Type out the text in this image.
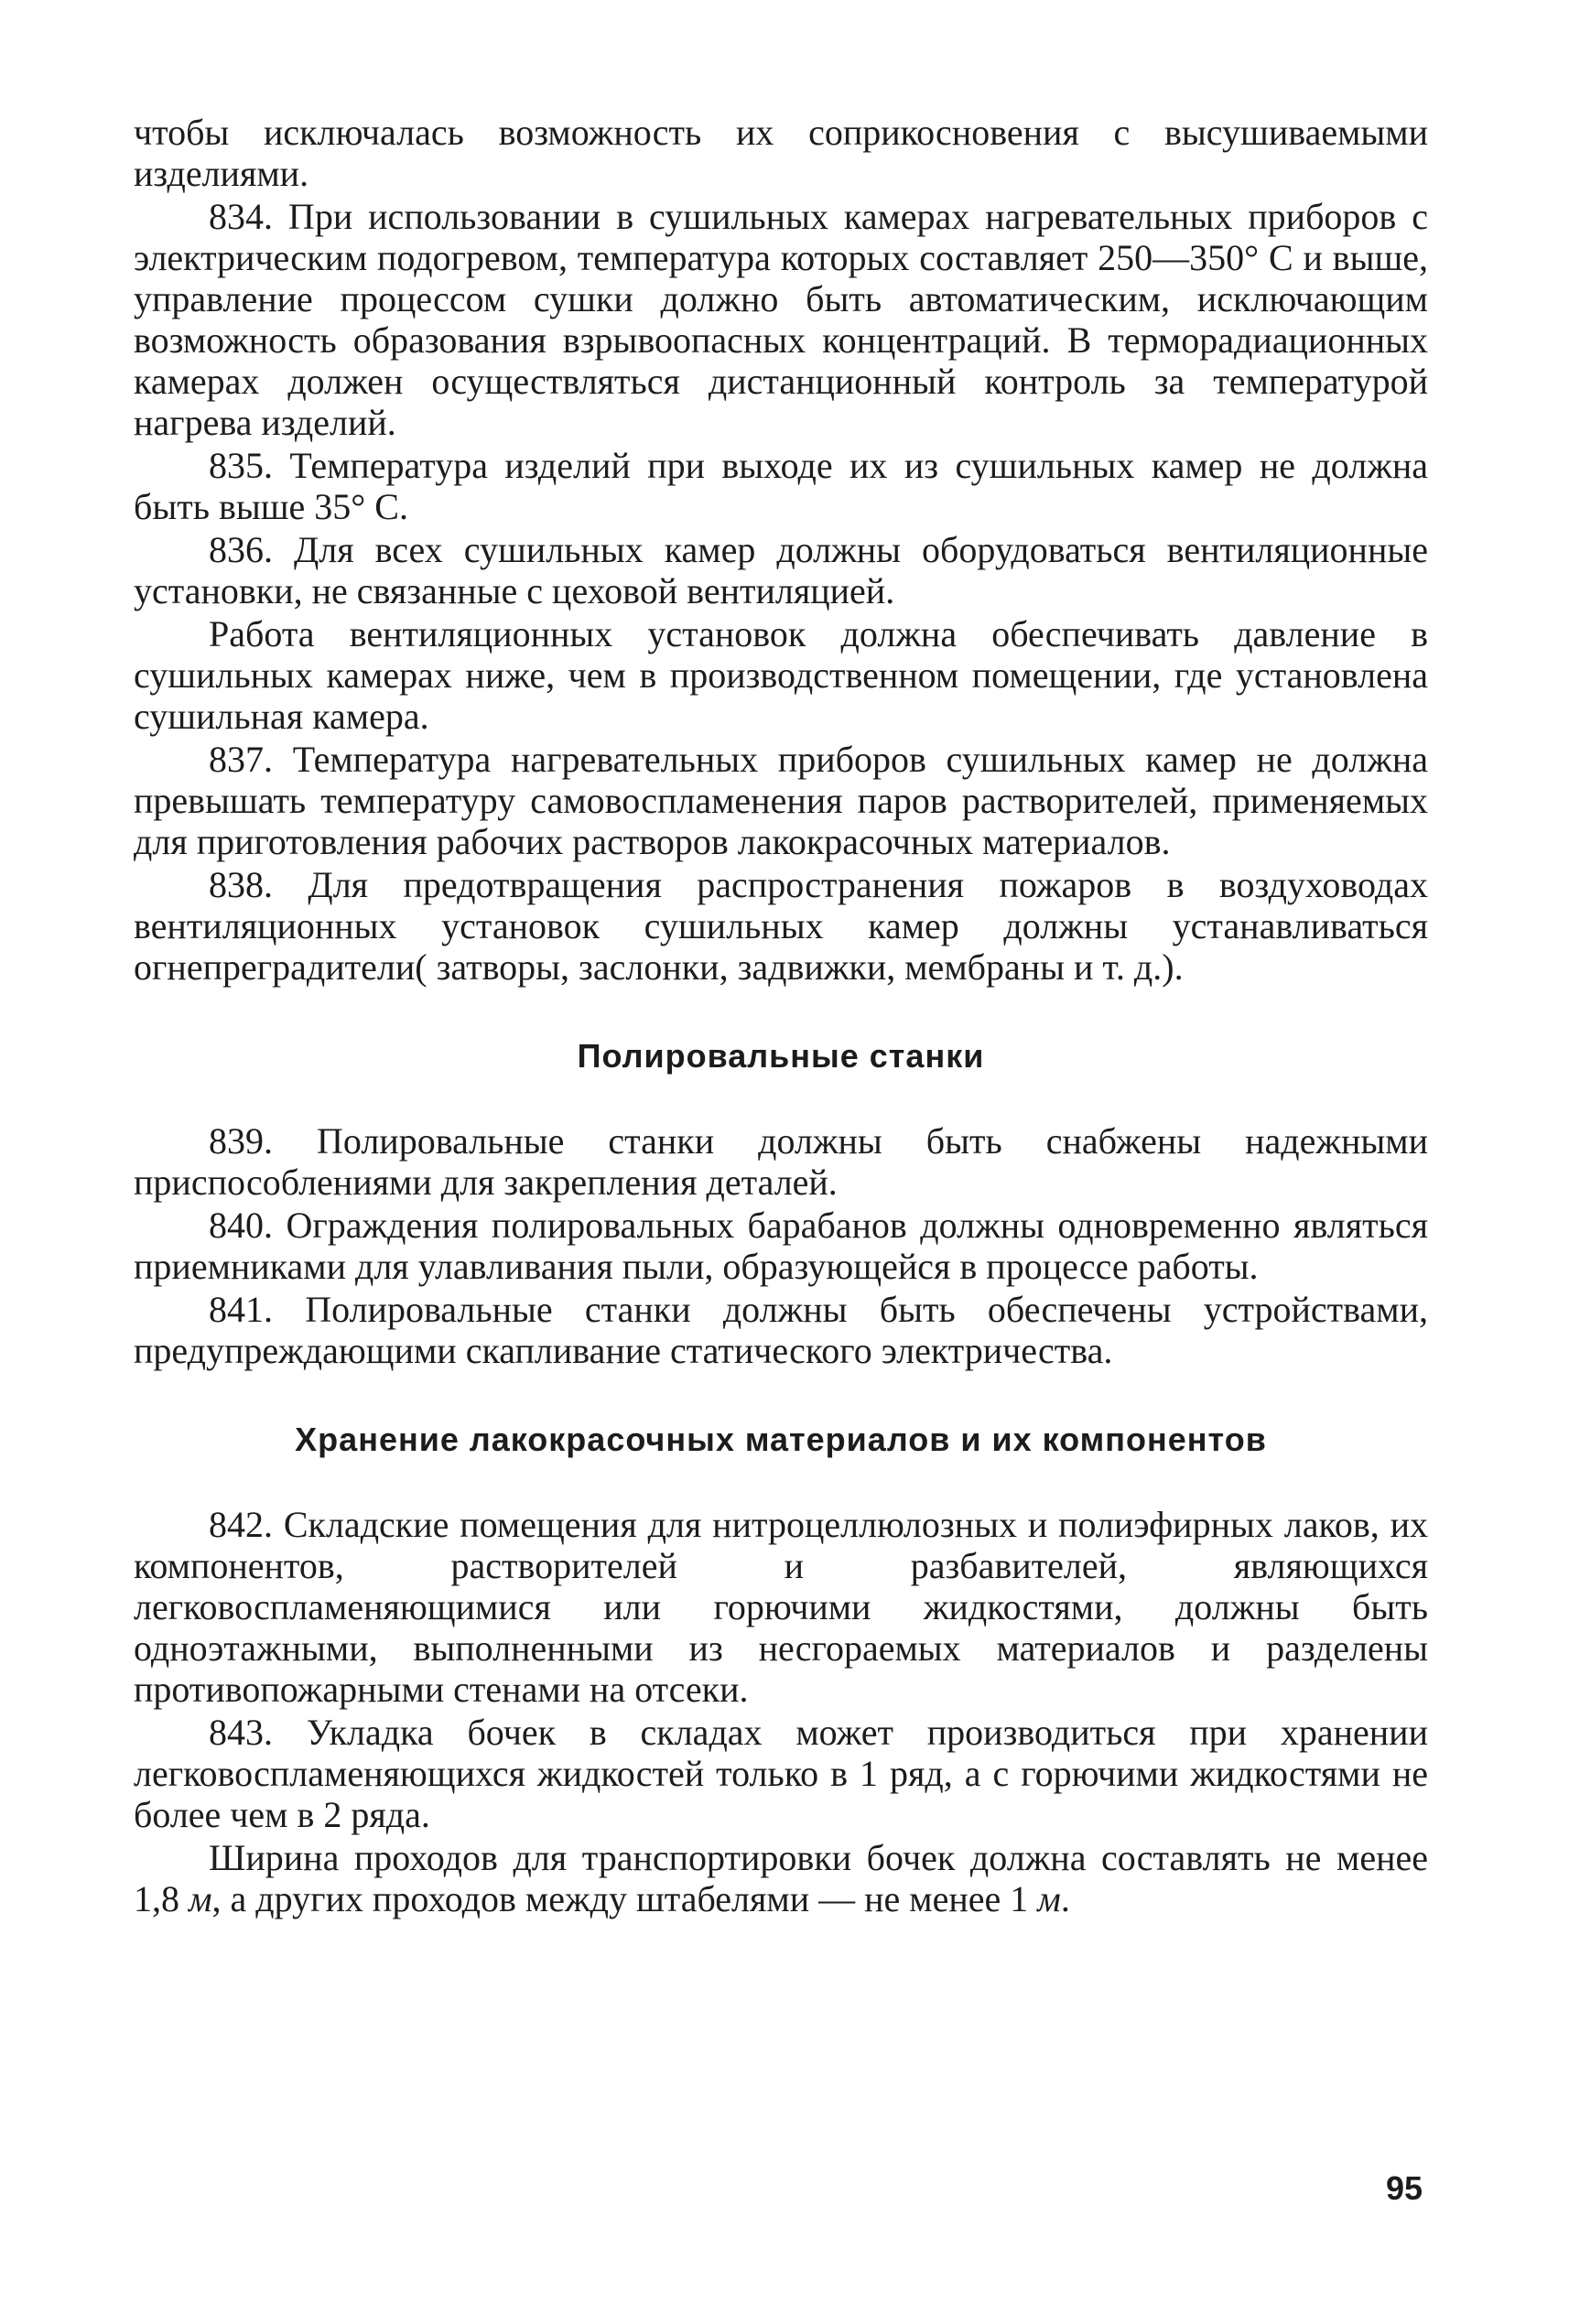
чтобы исключалась возможность их соприкосновения с высушиваемыми изделиями.

834. При использовании в сушильных камерах нагревательных приборов с электрическим подогревом, температура которых составляет 250—350° С и выше, управление процессом сушки должно быть автоматическим, исключающим возможность образования взрывоопасных концентраций. В терморадиационных камерах должен осуществляться дистанционный контроль за температурой нагрева изделий.

835. Температура изделий при выходе их из сушильных камер не должна быть выше 35° С.

836. Для всех сушильных камер должны оборудоваться вентиляционные установки, не связанные с цеховой вентиляцией.

Работа вентиляционных установок должна обеспечивать давление в сушильных камерах ниже, чем в производственном помещении, где установлена сушильная камера.

837. Температура нагревательных приборов сушильных камер не должна превышать температуру самовоспламенения паров растворителей, применяемых для приготовления рабочих растворов лакокрасочных материалов.

838. Для предотвращения распространения пожаров в воздуховодах вентиляционных установок сушильных камер должны устанавливаться огнепреградители( затворы, заслонки, задвижки, мембраны и т. д.).

Полировальные станки

839. Полировальные станки должны быть снабжены надежными приспособлениями для закрепления деталей.

840. Ограждения полировальных барабанов должны одновременно являться приемниками для улавливания пыли, образующейся в процессе работы.

841. Полировальные станки должны быть обеспечены устройствами, предупреждающими скапливание статического электричества.

Хранение лакокрасочных материалов и их компонентов

842. Складские помещения для нитроцеллюлозных и полиэфирных лаков, их компонентов, растворителей и разбавителей, являющихся легковоспламеняющимися или горючими жидкостями, должны быть одноэтажными, выполненными из несгораемых материалов и разделены противопожарными стенами на отсеки.

843. Укладка бочек в складах может производиться при хранении легковоспламеняющихся жидкостей только в 1 ряд, а с горючими жидкостями не более чем в 2 ряда.

Ширина проходов для транспортировки бочек должна составлять не менее 1,8 м, а других проходов между штабелями — не менее 1 м.

95
